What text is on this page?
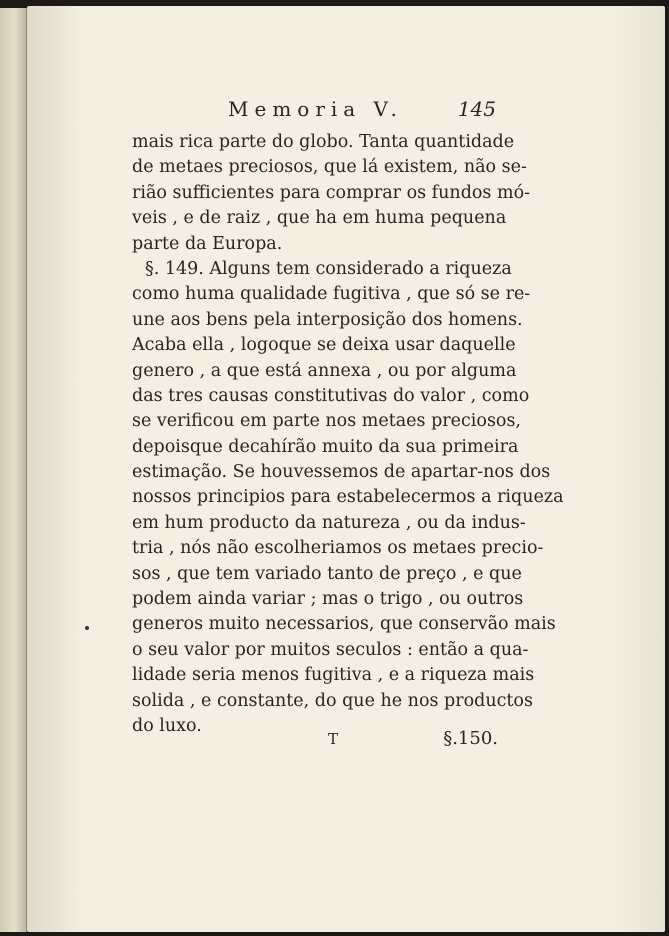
Memoria V.	145
mais rica parte do globo. Tanta quantidade
de metaes preciosos, que lá existem, não se-
rião sufficientes para comprar os fundos mó-
veis , e de raiz , que ha em huma pequena
parte da Europa.
§. 149. Alguns tem considerado a riqueza
como huma qualidade fugitiva , que só se re-
une aos bens pela interposição dos homens.
Acaba ella , logoque se deixa usar daquelle
genero , a que está annexa , ou por alguma
das tres causas constitutivas do valor , como
se verificou em parte nos metaes preciosos,
depoisque decahírão muito da sua primeira
estimação. Se houvessemos de apartar-nos dos
nossos principios para estabelecermos a riqueza
em hum producto da natureza , ou da indus-
tria , nós não escolheriamos os metaes precio-
sos , que tem variado tanto de preço , e que
podem ainda variar ; mas o trigo , ou outros
generos muito necessarios, que conservão mais
o seu valor por muitos seculos : então a qua-
lidade seria menos fugitiva , e a riqueza mais
solida , e constante, do que he nos productos
do luxo.
T	§.150.
